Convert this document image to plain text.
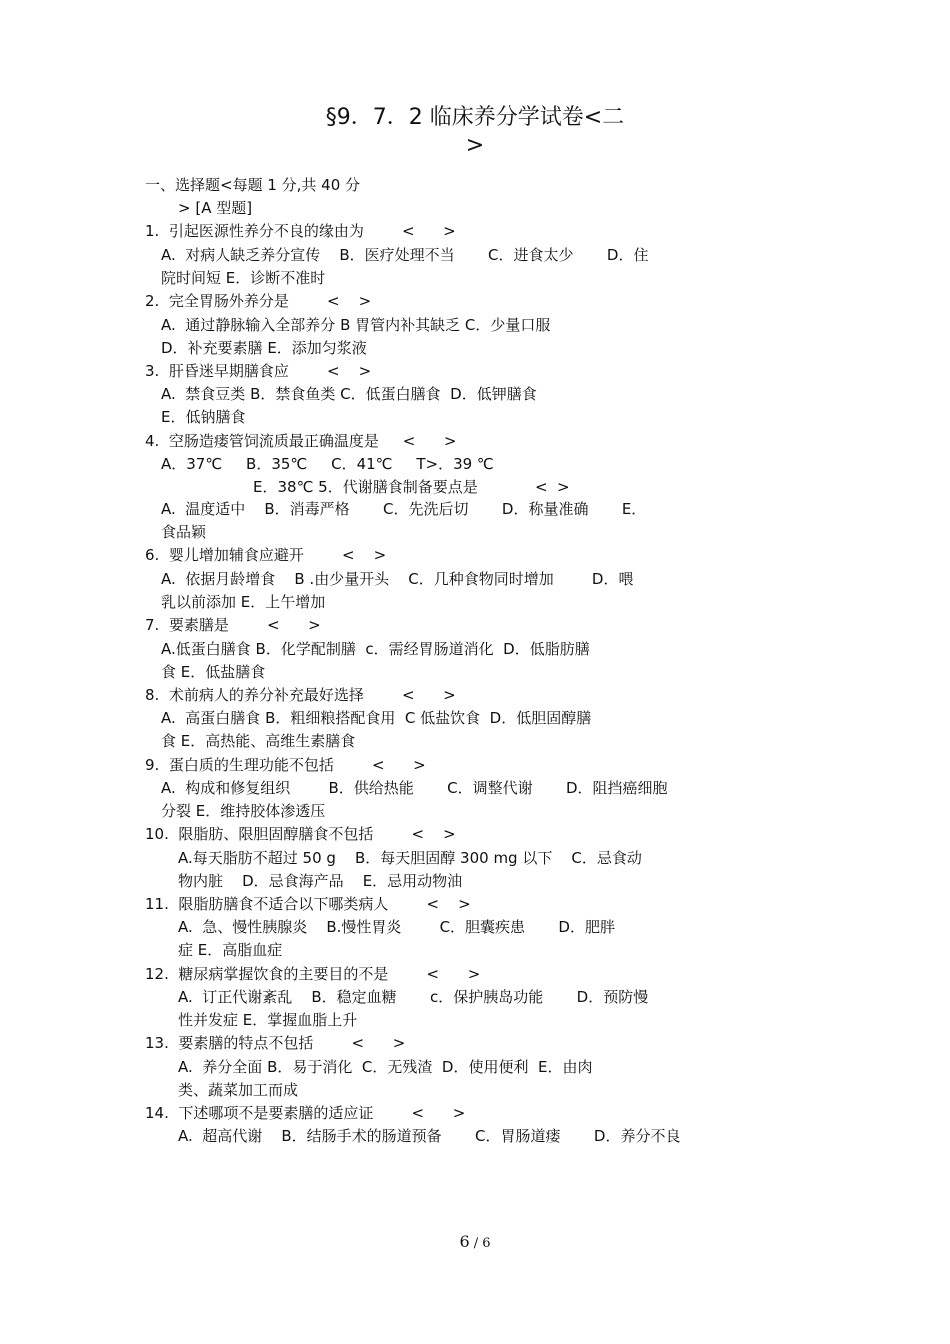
§9．7．2 临床养分学试卷<二
>
一、选择题<每题 1 分,共 40 分
> [A 型题]
1.  引起医源性养分不良的缘由为        <      >
A.  对病人缺乏养分宣传    B．医疗处理不当       C．进食太少       D．住
院时间短 E．诊断不准时
2.  完全胃肠外养分是        <    >
A.  通过静脉输入全部养分 B 胃管内补其缺乏 C．少量口服
D．补充要素膳 E．添加匀浆液
3.  肝昏迷早期膳食应        <    >
A.  禁食豆类 B．禁食鱼类 C．低蛋白膳食  D．低钾膳食
E．低钠膳食
4.  空肠造瘘管饲流质最正确温度是     <      >
A．37℃     B．35℃     C．41℃     T>．39 ℃
E．38℃ 5．代谢膳食制备要点是            <  >
A.  温度适中    B．消毒严格       C．先洗后切       D．称量准确       E．
食品颖
6.  婴儿增加辅食应避开        <    >
A.  依据月龄增食    B .由少量开头    C．几种食物同时增加        D．喂
乳以前添加 E．上午增加
7.  要素膳是        <      >
A.低蛋白膳食 B．化学配制膳  c．需经胃肠道消化  D．低脂肪膳
食 E．低盐膳食
8.  术前病人的养分补充最好选择        <      >
A.  高蛋白膳食 B．粗细粮搭配食用  C 低盐饮食  D．低胆固醇膳
食 E．高热能、高维生素膳食
9.  蛋白质的生理功能不包括        <      >
A.  构成和修复组织        B．供给热能       C．调整代谢       D．阻挡癌细胞
分裂 E．维持胶体渗透压
10.  限脂肪、限胆固醇膳食不包括        <    >
A.每天脂肪不超过 50 g    B．每天胆固醇 300 mg 以下    C．忌食动
物内脏    D．忌食海产品    E．忌用动物油
11.  限脂肪膳食不适合以下哪类病人        <    >
A.  急、慢性胰腺炎    B.慢性胃炎        C．胆囊疾患       D．肥胖
症 E．高脂血症
12.  糖尿病掌握饮食的主要目的不是        <      >
A.  订正代谢紊乱    B．稳定血糖       c．保护胰岛功能       D．预防慢
性并发症 E．掌握血脂上升
13.  要素膳的特点不包括        <      >
A.  养分全面 B．易于消化  C．无残渣  D．使用便利  E．由肉
类、蔬菜加工而成
14.  下述哪项不是要素膳的适应证        <      >
A.  超高代谢    B．结肠手术的肠道预备       C．胃肠道瘘       D．养分不良
6 / 6
